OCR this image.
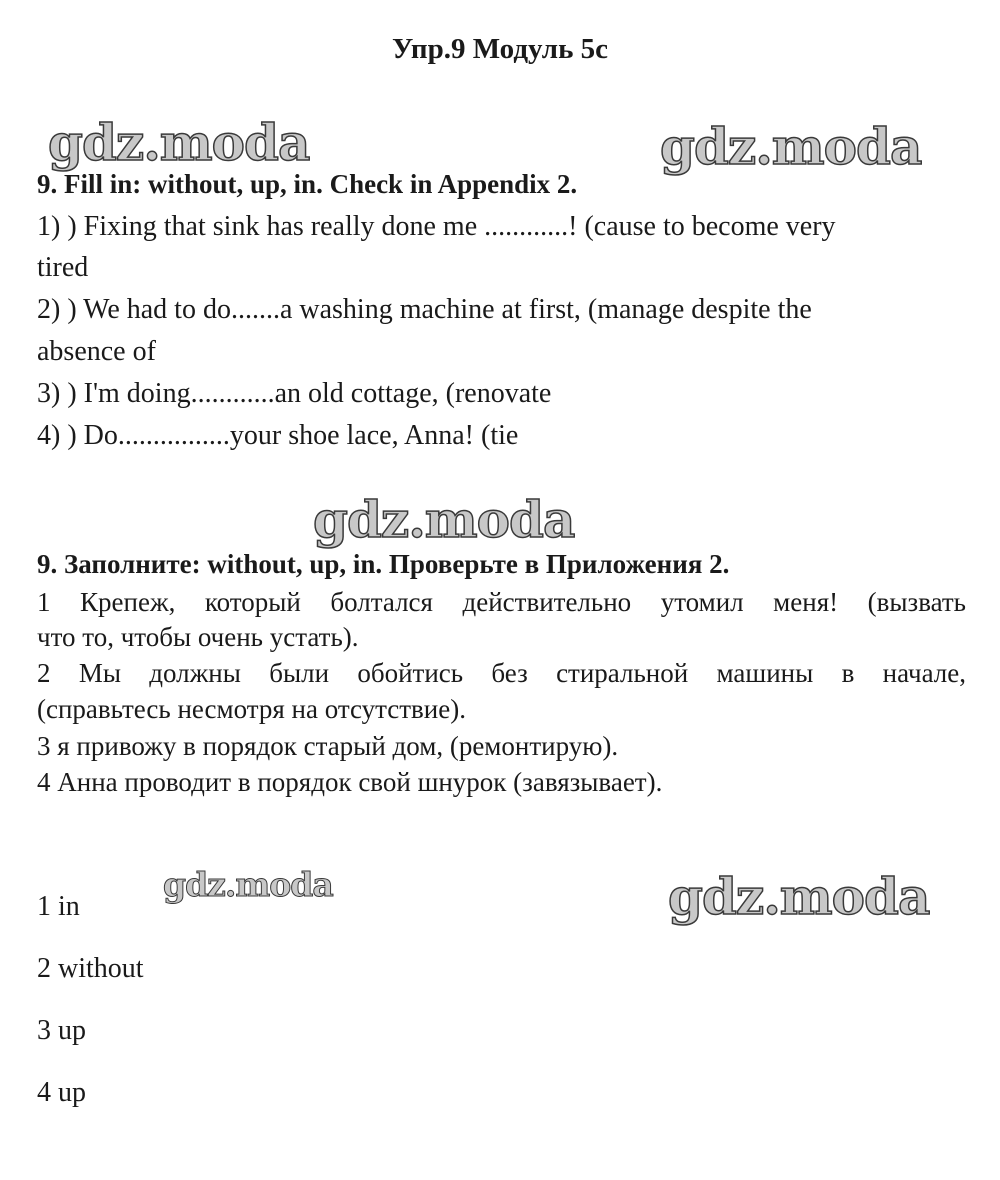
Упр.9 Модуль 5с
gdz.moda	gdz.moda
gdz.moda
gdz.moda	gdz.moda
9. Fill in: without, up, in. Check in Appendix 2.
1) ) Fixing that sink has really done me ............! (cause to become very
tired
2) ) We had to do.......a washing machine at first, (manage despite the
absence of
3) ) I'm doing............an old cottage, (renovate
4) ) Do................your shoe lace, Anna! (tie
9. Заполните: without, up, in. Проверьте в Приложения 2.
1 Крепеж, который болтался действительно утомил меня! (вызвать
что то, чтобы очень устать).
2 Мы должны были обойтись без стиральной машины в начале,
(справьтесь несмотря на отсутствие).
3 я привожу в порядок старый дом, (ремонтирую).
4 Анна проводит в порядок свой шнурок (завязывает).
1 in
2 without
3 up
4 up
